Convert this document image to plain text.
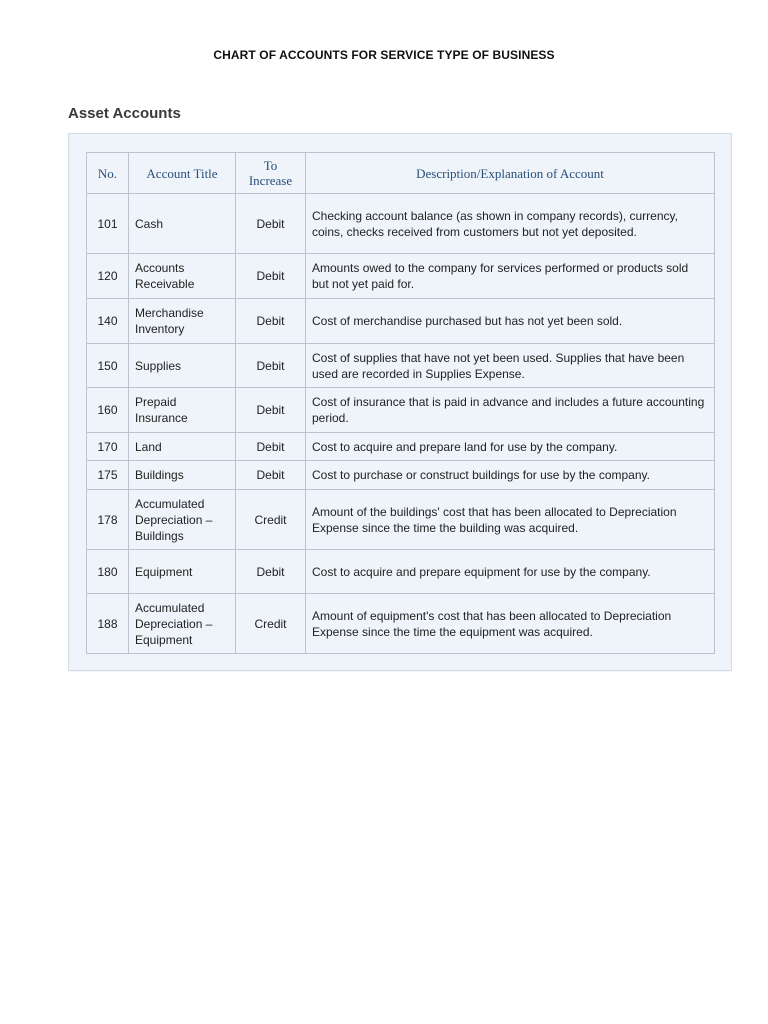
CHART OF ACCOUNTS FOR SERVICE TYPE OF BUSINESS
Asset Accounts
No.	Account Title	To Increase	Description/Explanation of Account
101	Cash	Debit	Checking account balance (as shown in company records), currency, coins, checks received from customers but not yet deposited.
120	Accounts Receivable	Debit	Amounts owed to the company for services performed or products sold but not yet paid for.
140	Merchandise Inventory	Debit	Cost of merchandise purchased but has not yet been sold.
150	Supplies	Debit	Cost of supplies that have not yet been used. Supplies that have been used are recorded in Supplies Expense.
160	Prepaid Insurance	Debit	Cost of insurance that is paid in advance and includes a future accounting period.
170	Land	Debit	Cost to acquire and prepare land for use by the company.
175	Buildings	Debit	Cost to purchase or construct buildings for use by the company.
178	Accumulated Depreciation – Buildings	Credit	Amount of the buildings' cost that has been allocated to Depreciation Expense since the time the building was acquired.
180	Equipment	Debit	Cost to acquire and prepare equipment for use by the company.
188	Accumulated Depreciation – Equipment	Credit	Amount of equipment's cost that has been allocated to Depreciation Expense since the time the equipment was acquired.
